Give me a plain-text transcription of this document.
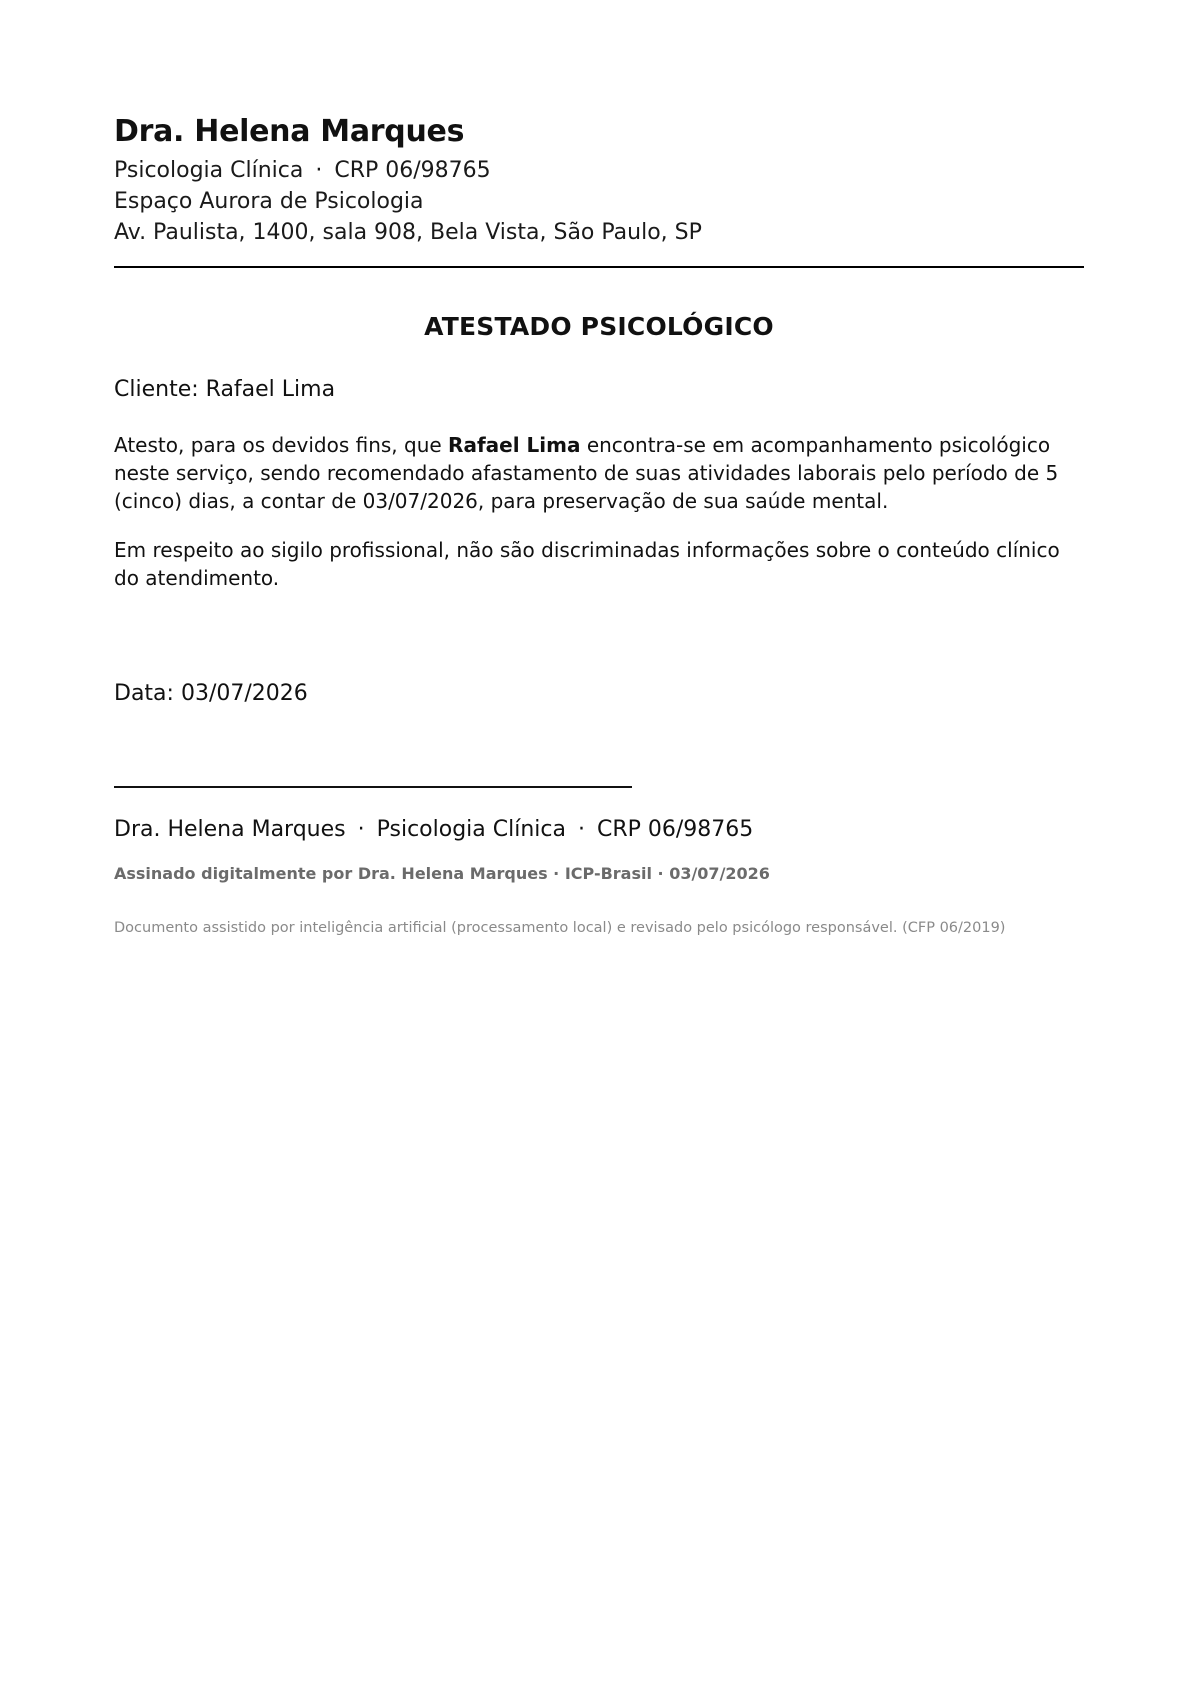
Dra. Helena Marques
Psicologia Clínica · CRP 06/98765
Espaço Aurora de Psicologia
Av. Paulista, 1400, sala 908, Bela Vista, São Paulo, SP
ATESTADO PSICOLÓGICO
Cliente: Rafael Lima
Atesto, para os devidos fins, que Rafael Lima encontra-se em acompanhamento psicológico neste serviço, sendo recomendado afastamento de suas atividades laborais pelo período de 5 (cinco) dias, a contar de 03/07/2026, para preservação de sua saúde mental.
Em respeito ao sigilo profissional, não são discriminadas informações sobre o conteúdo clínico do atendimento.
Data: 03/07/2026
Dra. Helena Marques · Psicologia Clínica · CRP 06/98765
Assinado digitalmente por Dra. Helena Marques · ICP-Brasil · 03/07/2026
Documento assistido por inteligência artificial (processamento local) e revisado pelo psicólogo responsável. (CFP 06/2019)
